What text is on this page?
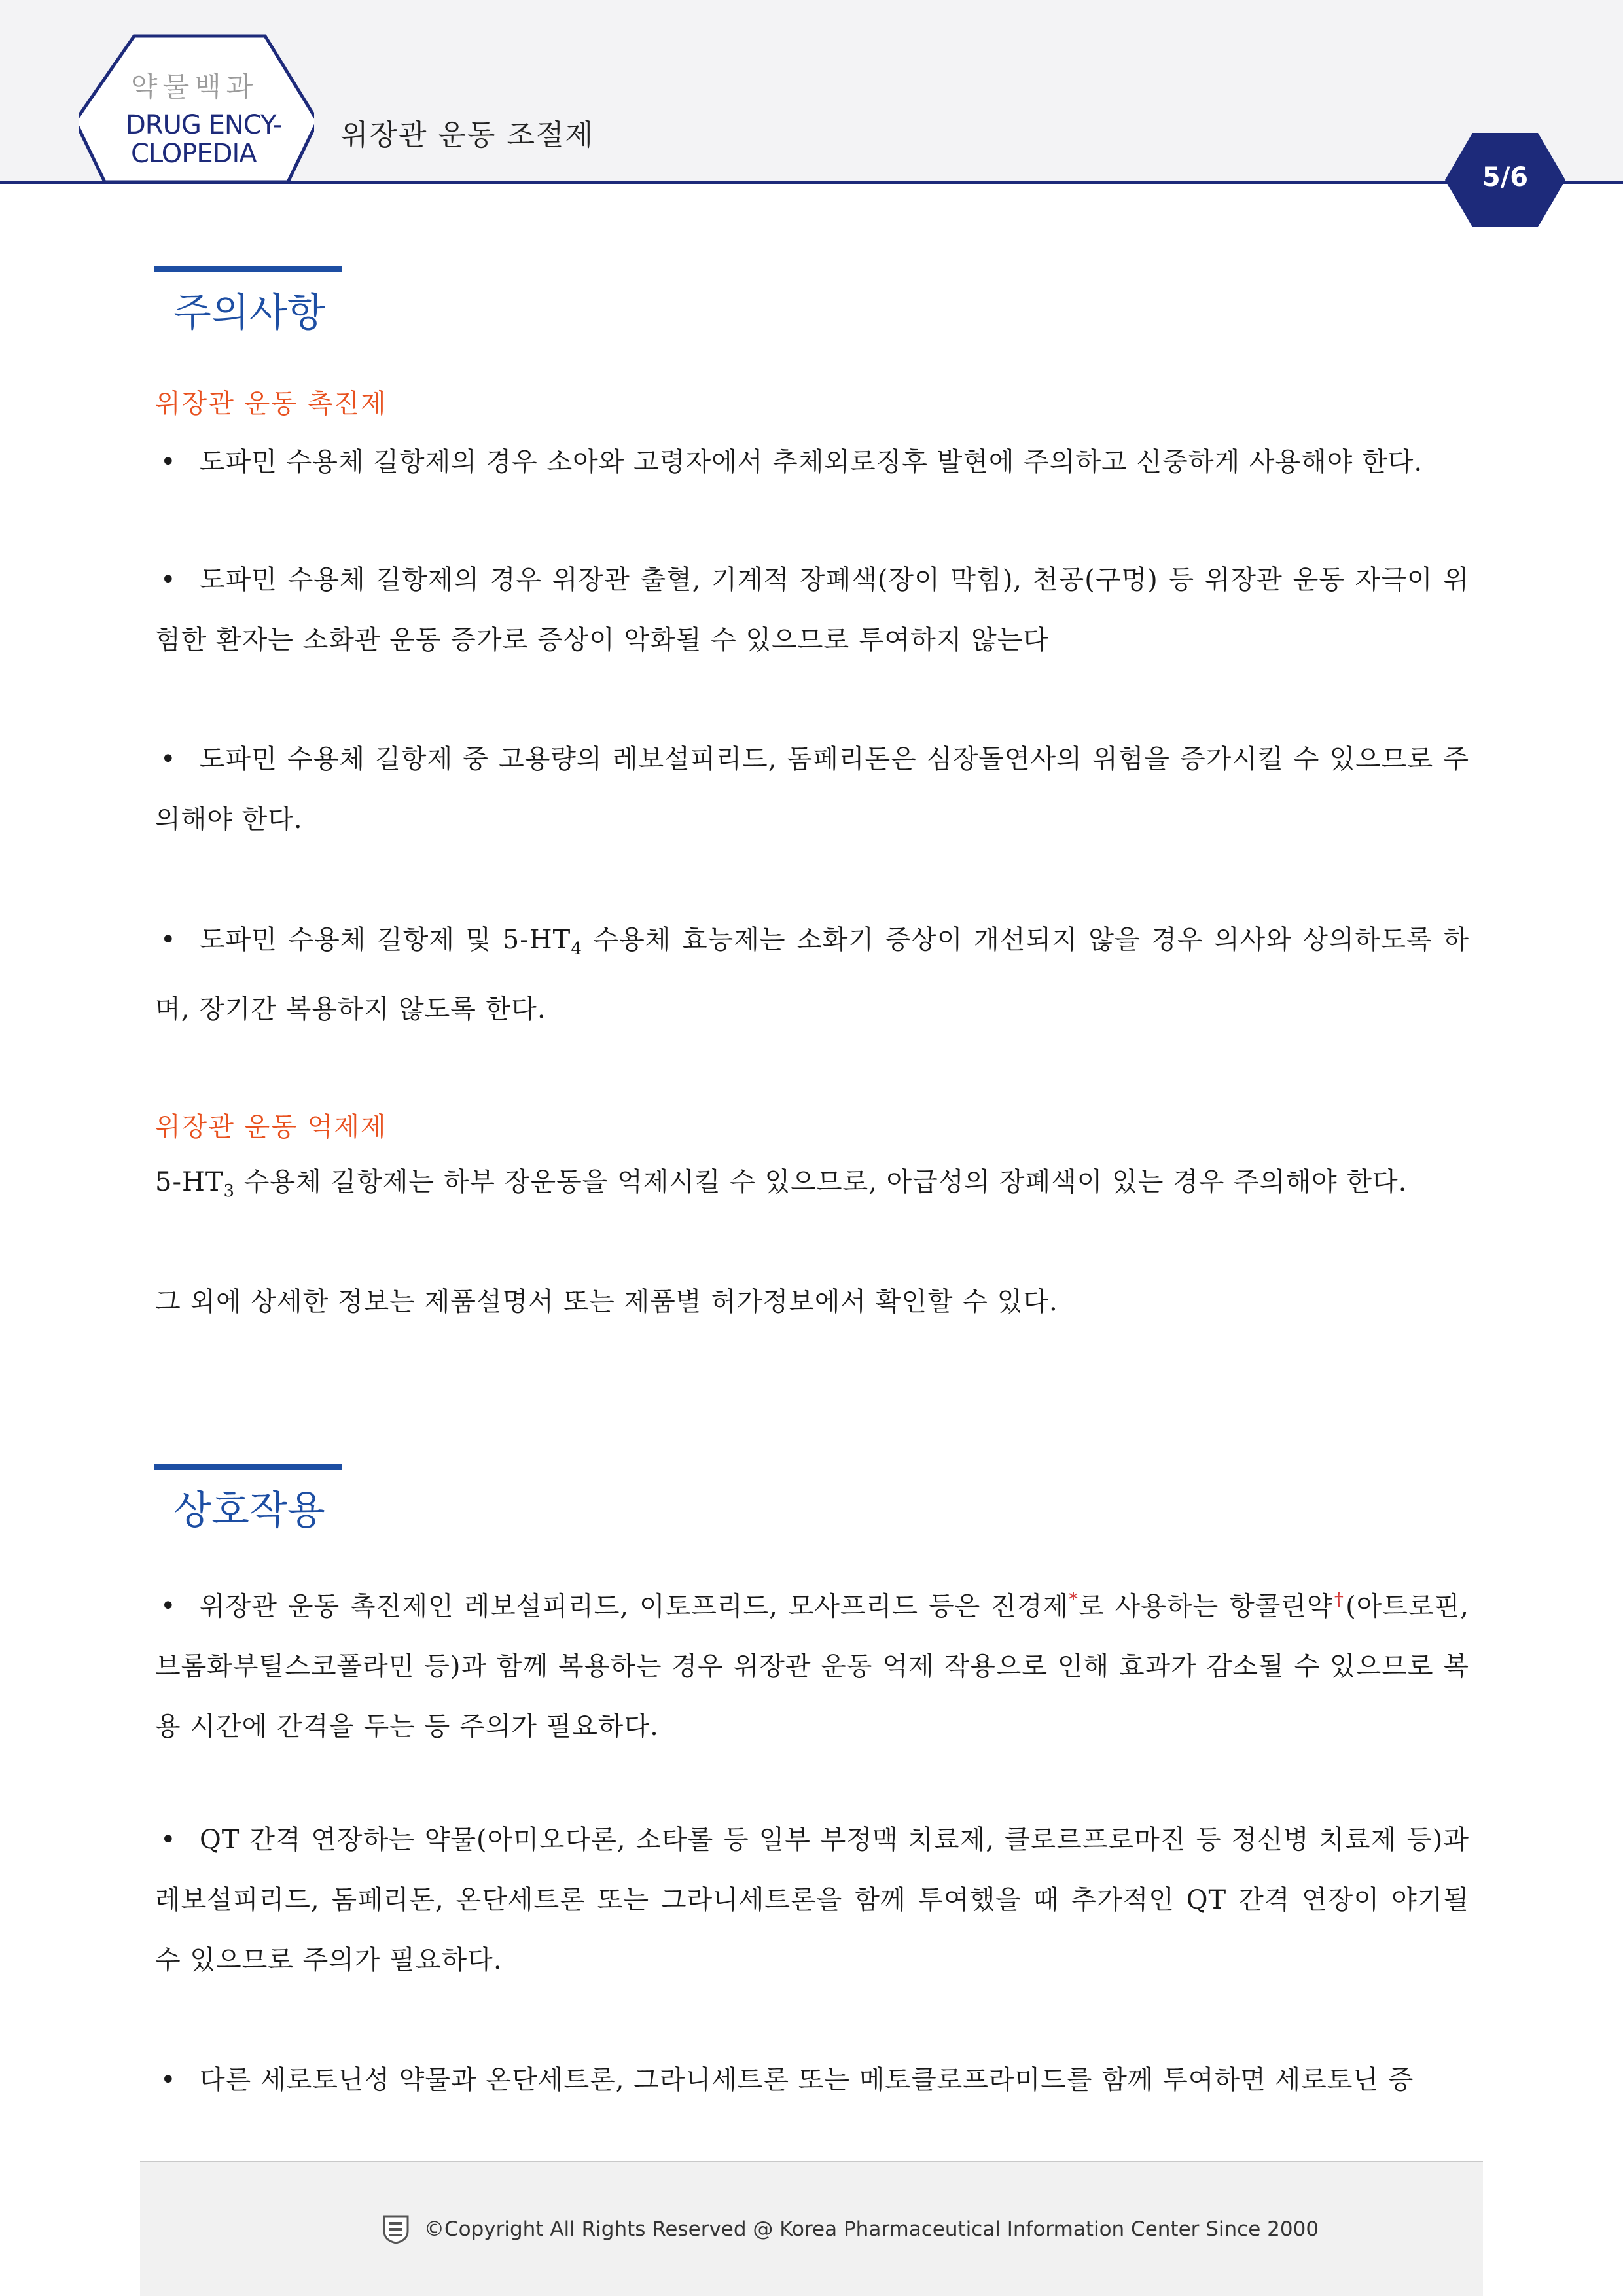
약물백과
DRUG ENCY-
CLOPEDIA
위장관 운동 조절제
5/6
주의사항
위장관 운동 촉진제
• 도파민 수용체 길항제의 경우 소아와 고령자에서 추체외로징후 발현에 주의하고 신중하게 사용해야 한다.
• 도파민 수용체 길항제의 경우 위장관 출혈, 기계적 장폐색(장이 막힘), 천공(구멍) 등 위장관 운동 자극이 위험한 환자는 소화관 운동 증가로 증상이 악화될 수 있으므로 투여하지 않는다
• 도파민 수용체 길항제 중 고용량의 레보설피리드, 돔페리돈은 심장돌연사의 위험을 증가시킬 수 있으므로 주의해야 한다.
• 도파민 수용체 길항제 및 $5-HT_4$ 수용체 효능제는 소화기 증상이 개선되지 않을 경우 의사와 상의하도록 하며, 장기간 복용하지 않도록 한다.
위장관 운동 억제제
$5-HT_3$ 수용체 길항제는 하부 장운동을 억제시킬 수 있으므로, 아급성의 장폐색이 있는 경우 주의해야 한다.
그 외에 상세한 정보는 제품설명서 또는 제품별 허가정보에서 확인할 수 있다.
상호작용
• 위장관 운동 촉진제인 레보설피리드, 이토프리드, 모사프리드 등은 진경제*로 사용하는 항콜린약†(아트로핀, 브롬화부틸스코폴라민 등)과 함께 복용하는 경우 위장관 운동 억제 작용으로 인해 효과가 감소될 수 있으므로 복용 시간에 간격을 두는 등 주의가 필요하다.
• QT 간격 연장하는 약물(아미오다론, 소타롤 등 일부 부정맥 치료제, 클로르프로마진 등 정신병 치료제 등)과 레보설피리드, 돔페리돈, 온단세트론 또는 그라니세트론을 함께 투여했을 때 추가적인 QT 간격 연장이 야기될 수 있으므로 주의가 필요하다.
• 다른 세로토닌성 약물과 온단세트론, 그라니세트론 또는 메토클로프라미드를 함께 투여하면 세로토닌 증
©Copyright All Rights Reserved @ Korea Pharmaceutical Information Center Since 2000
